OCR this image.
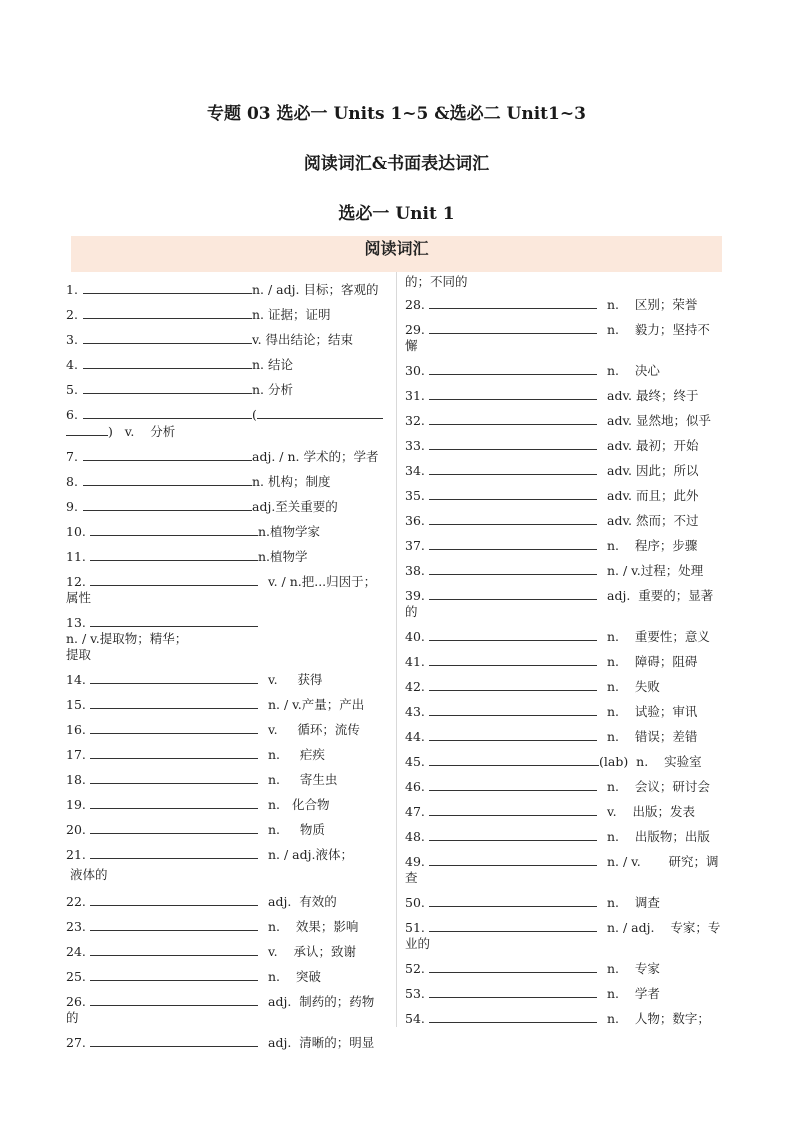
专题 03 选必一 Units 1~5 &选必二 Unit1~3
阅读词汇&书面表达词汇
选必一 Unit 1
阅读词汇
1.	n. / adj. 目标；客观的
2.	n. 证据；证明
3.	v. 得出结论；结束
4.	n. 结论
5.	n. 分析
6.	(
)   v.    分析
7.	adj. / n. 学术的；学者
8.	n. 机构；制度
9.	adj.至关重要的
10.	n.植物学家
11.	n.植物学
12.	v. / n.把...归因于；
属性
13.n. / v.提取物；精华；
提取
14.	v.     获得
15.	n. / v.产量；产出
16.	v.     循环；流传
17.	n.     疟疾
18.	n.     寄生虫
19.	n.   化合物
20.	n.     物质
21.	n. / adj.液体；
液体的
22.	adj.  有效的
23.	n.    效果；影响
24.	v.    承认；致谢
25.	n.    突破
26.	adj.  制药的；药物
的
27.	adj.  清晰的；明显
的；不同的
28.	n.    区别；荣誉
29.	n.    毅力；坚持不
懈
30.	n.    决心
31.	adv. 最终；终于
32.	adv. 显然地；似乎
33.	adv. 最初；开始
34.	adv. 因此；所以
35.	adv. 而且；此外
36.	adv. 然而；不过
37.	n.    程序；步骤
38.	n. / v.过程；处理
39.	adj.  重要的；显著
的
40.	n.    重要性；意义
41.	n.    障碍；阻碍
42.	n.    失败
43.	n.    试验；审讯
44.	n.    错误；差错
45.	(lab)  n.    实验室
46.	n.    会议；研讨会
47.	v.    出版；发表
48.	n.    出版物；出版
49.	n. / v.       研究；调
查
50.	n.    调查
51.	n. / adj.    专家；专
业的
52.	n.    专家
53.	n.    学者
54.	n.    人物；数字；
